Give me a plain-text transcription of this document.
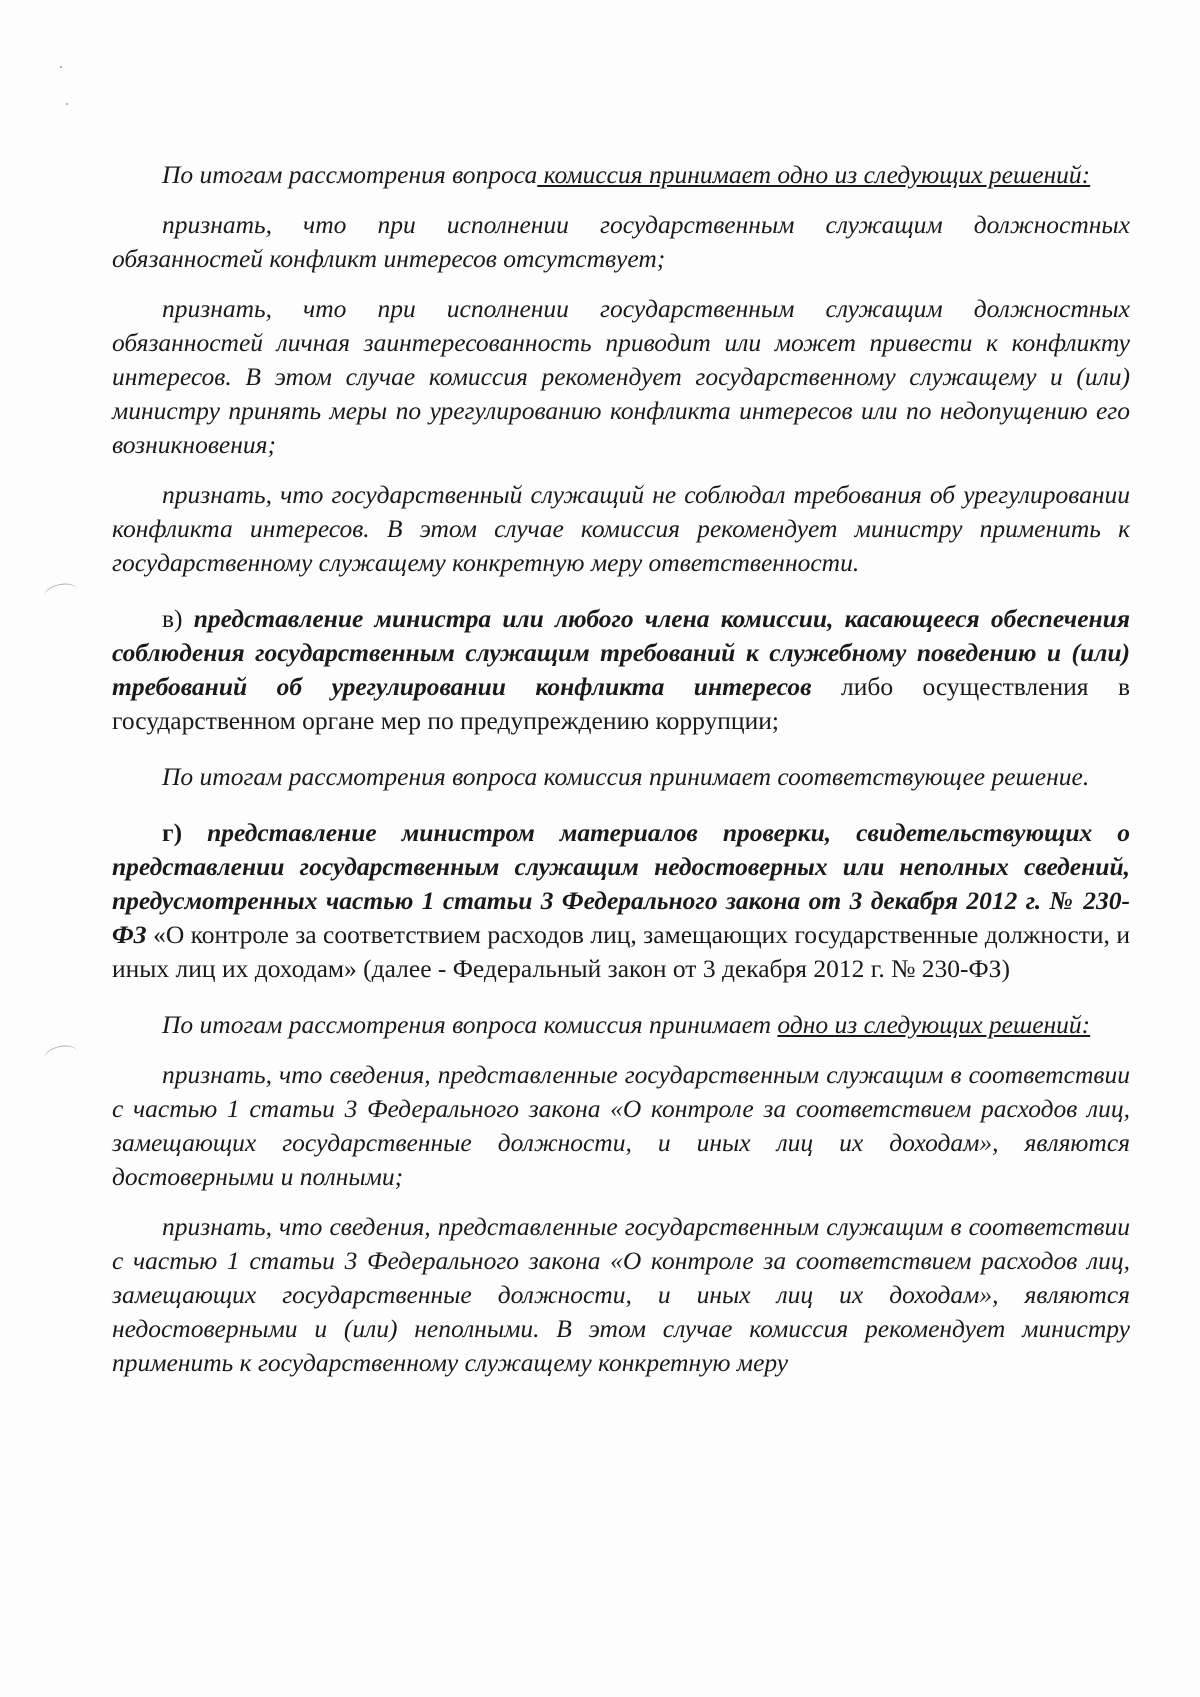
По итогам рассмотрения вопроса комиссия принимает одно из следующих решений:

признать, что при исполнении государственным служащим должностных обязанностей конфликт интересов отсутствует;

признать, что при исполнении государственным служащим должностных обязанностей личная заинтересованность приводит или может привести к конфликту интересов. В этом случае комиссия рекомендует государственному служащему и (или) министру принять меры по урегулированию конфликта интересов или по недопущению его возникновения;

признать, что государственный служащий не соблюдал требования об урегулировании конфликта интересов. В этом случае комиссия рекомендует министру применить к государственному служащему конкретную меру ответственности.

в) представление министра или любого члена комиссии, касающееся обеспечения соблюдения государственным служащим требований к служебному поведению и (или) требований об урегулировании конфликта интересов либо осуществления в государственном органе мер по предупреждению коррупции;

По итогам рассмотрения вопроса комиссия принимает соответствующее решение.

г) представление министром материалов проверки, свидетельствующих о представлении государственным служащим недостоверных или неполных сведений, предусмотренных частью 1 статьи 3 Федерального закона от 3 декабря 2012 г. № 230-ФЗ «О контроле за соответствием расходов лиц, замещающих государственные должности, и иных лиц их доходам» (далее - Федеральный закон от 3 декабря 2012 г. № 230-ФЗ)

По итогам рассмотрения вопроса комиссия принимает одно из следующих решений:

признать, что сведения, представленные государственным служащим в соответствии с частью 1 статьи 3 Федерального закона «О контроле за соответствием расходов лиц, замещающих государственные должности, и иных лиц их доходам», являются достоверными и полными;

признать, что сведения, представленные государственным служащим в соответствии с частью 1 статьи 3 Федерального закона «О контроле за соответствием расходов лиц, замещающих государственные должности, и иных лиц их доходам», являются недостоверными и (или) неполными. В этом случае комиссия рекомендует министру применить к государственному служащему конкретную меру
